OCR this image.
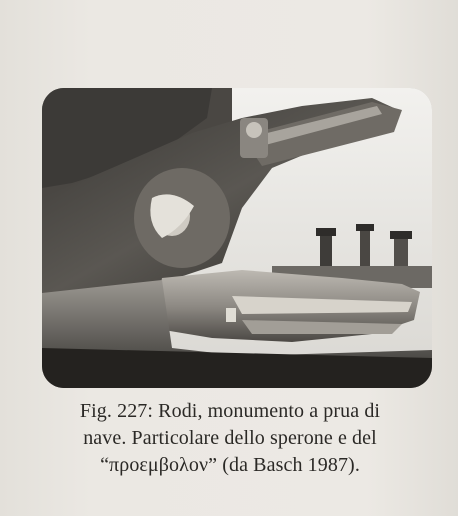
Fig. 227: Rodi, monumento a prua di
nave. Particolare dello sperone e del
“προεμβολον” (da Basch 1987).
